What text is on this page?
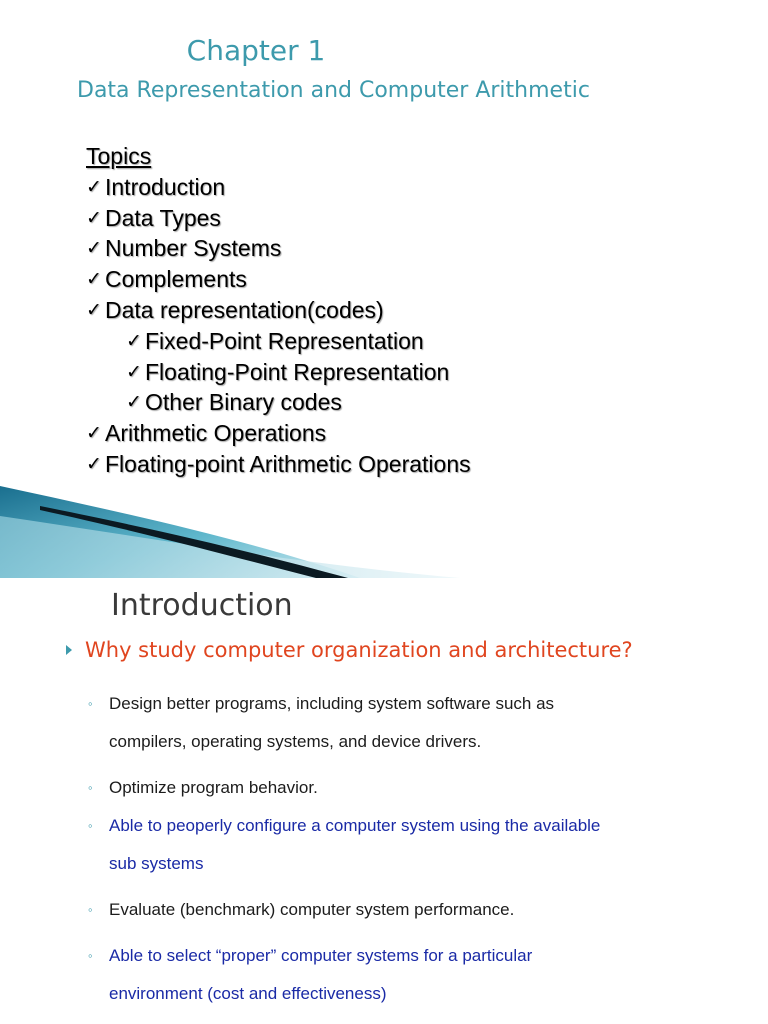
Chapter 1
Data Representation and Computer Arithmetic
Topics
✓ Introduction
✓ Data Types
✓ Number Systems
✓ Complements
✓ Data representation(codes)
✓ Fixed-Point Representation
✓ Floating-Point Representation
✓ Other Binary codes
✓ Arithmetic Operations
✓ Floating-point Arithmetic Operations
Introduction
Why study computer organization and architecture?
◦ Design better programs, including system software such as
compilers, operating systems, and device drivers.
◦ Optimize program behavior.
◦ Able to peoperly configure a computer system using the available
sub systems
◦ Evaluate (benchmark) computer system performance.
◦ Able to select “proper” computer systems for a particular
environment (cost and effectiveness)
